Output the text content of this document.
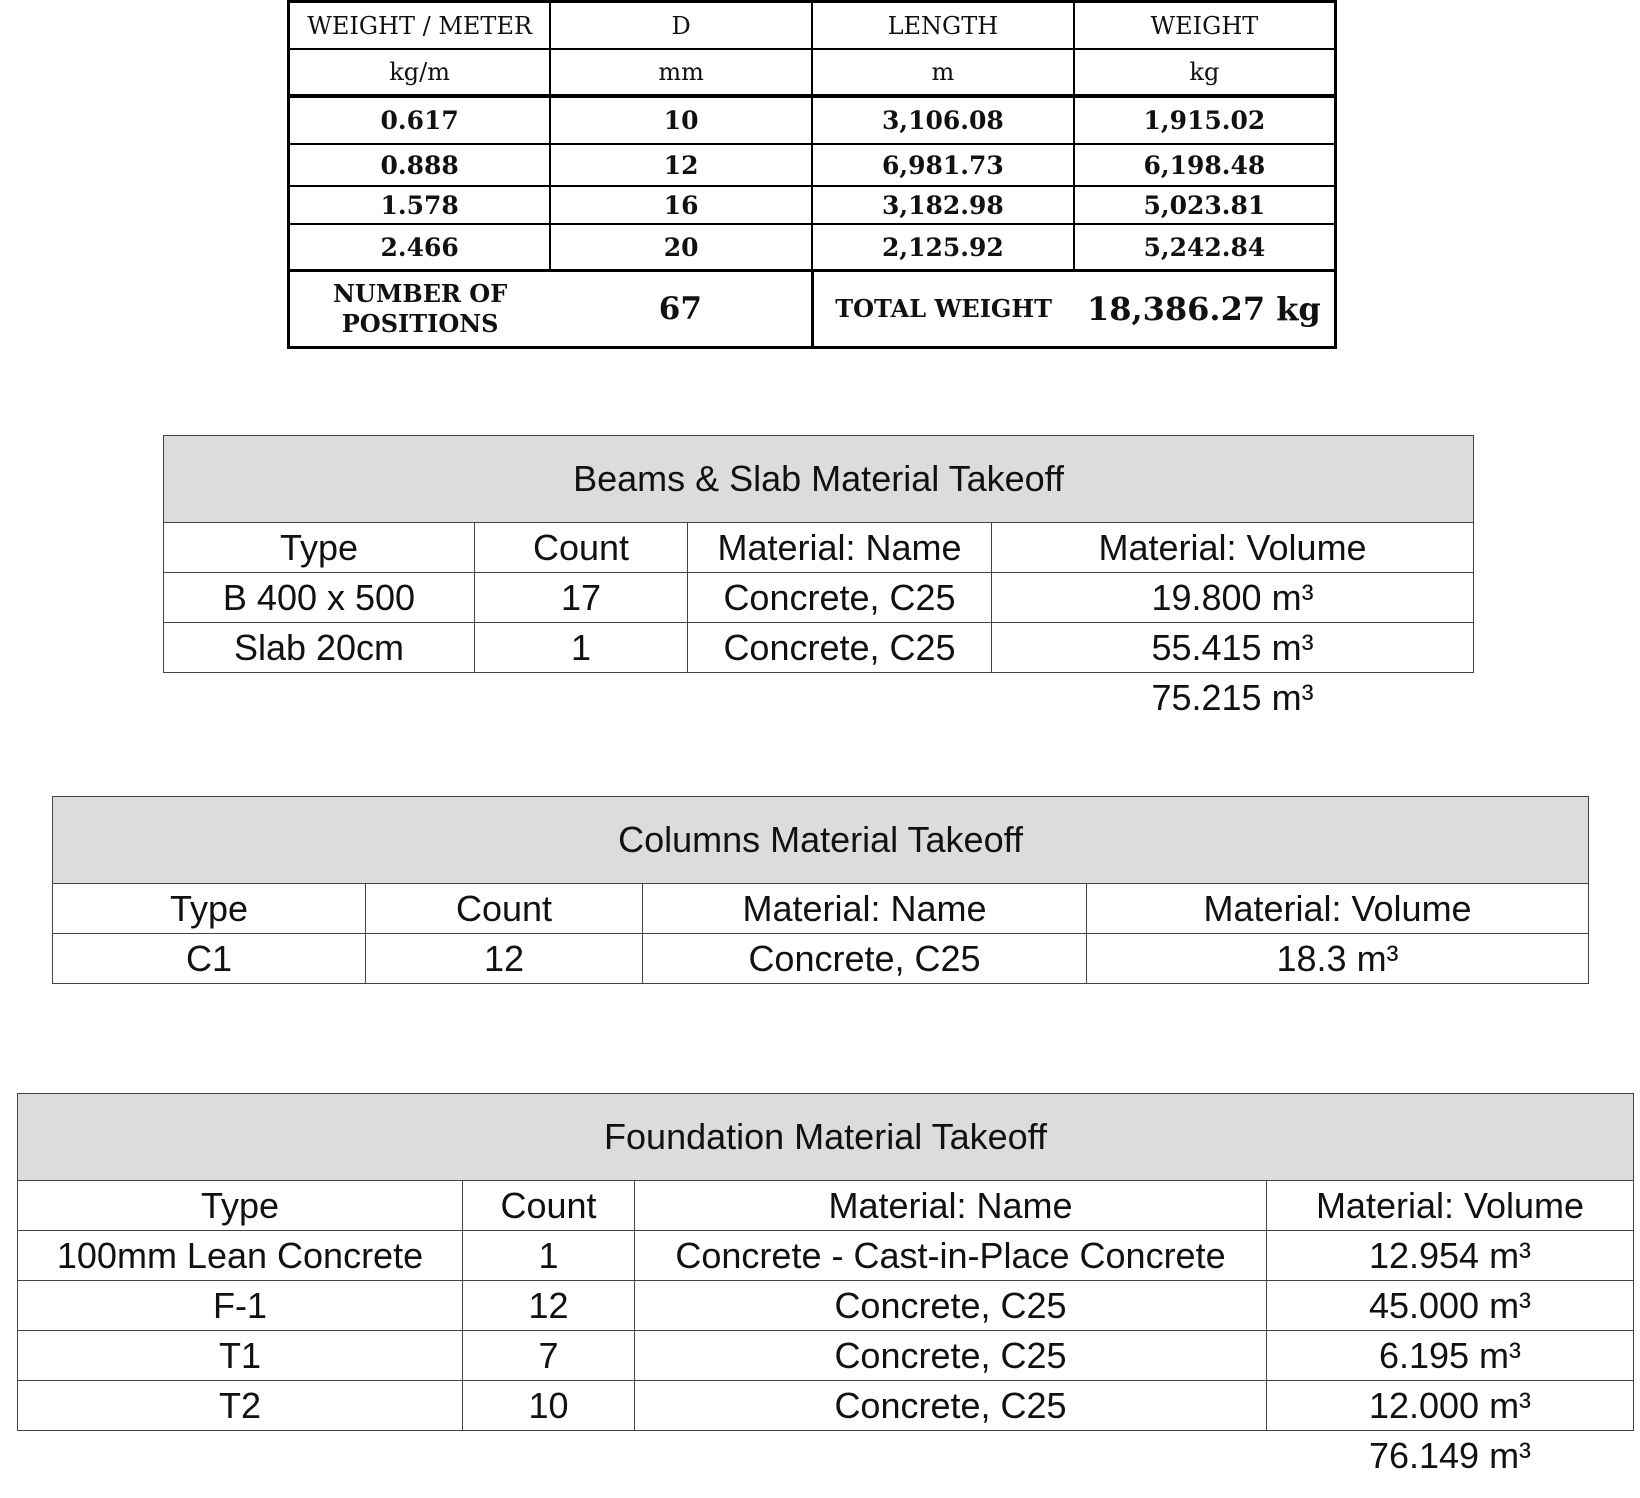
WEIGHT / METER	D	LENGTH	WEIGHT
kg/m	mm	m	kg
0.617	10	3,106.08	1,915.02
0.888	12	6,981.73	6,198.48
1.578	16	3,182.98	5,023.81
2.466	20	2,125.92	5,242.84

NUMBER OF
POSITIONS	67	TOTAL WEIGHT	18,386.27 kg
Beams & Slab Material Takeoff			
Type	Count	Material: Name	Material: Volume
B 400 x 500	17	Concrete, C25	19.800 m³
Slab 20cm	1	Concrete, C25	55.415 m³
			75.215 m³
Columns Material Takeoff			
Type	Count	Material: Name	Material: Volume
C1	12	Concrete, C25	18.3 m³
Foundation Material Takeoff			
Type	Count	Material: Name	Material: Volume
100mm Lean Concrete	1	Concrete - Cast-in-Place Concrete	12.954 m³
F-1	12	Concrete, C25	45.000 m³
T1	7	Concrete, C25	6.195 m³
T2	10	Concrete, C25	12.000 m³
			76.149 m³
